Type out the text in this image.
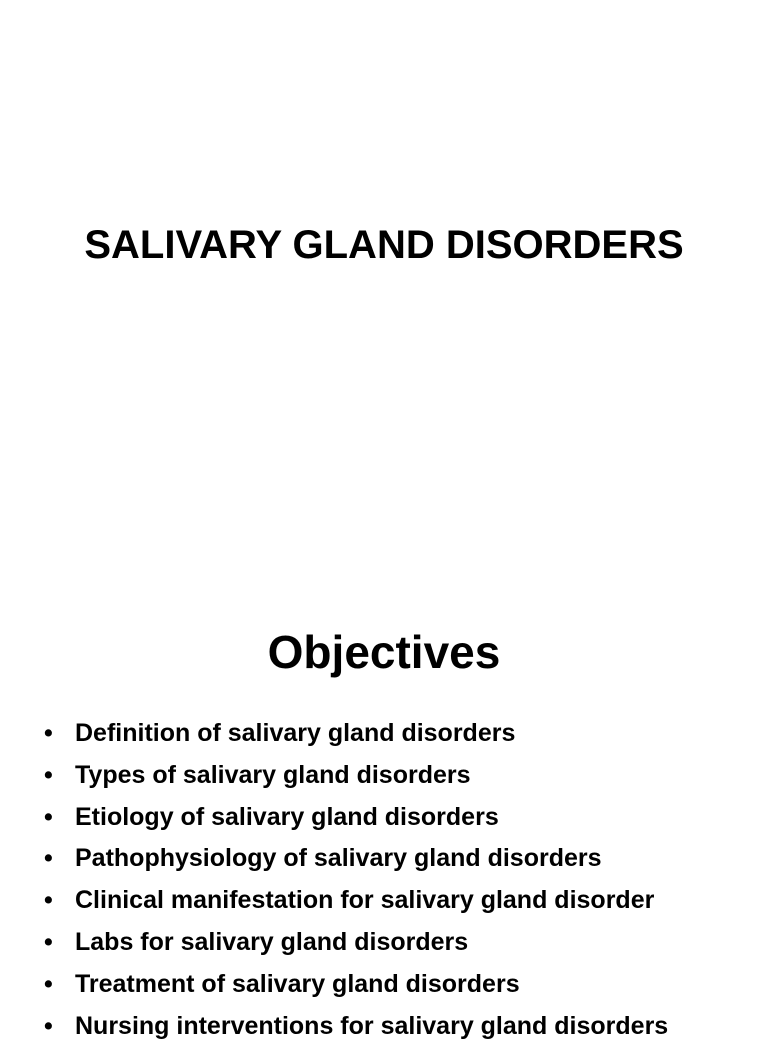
SALIVARY GLAND DISORDERS
Objectives
• Definition of salivary gland disorders
• Types of salivary gland disorders
• Etiology of salivary gland disorders
• Pathophysiology of salivary gland disorders
• Clinical manifestation for salivary gland disorder
• Labs for salivary gland disorders
• Treatment of salivary gland disorders
• Nursing interventions for salivary gland disorders
